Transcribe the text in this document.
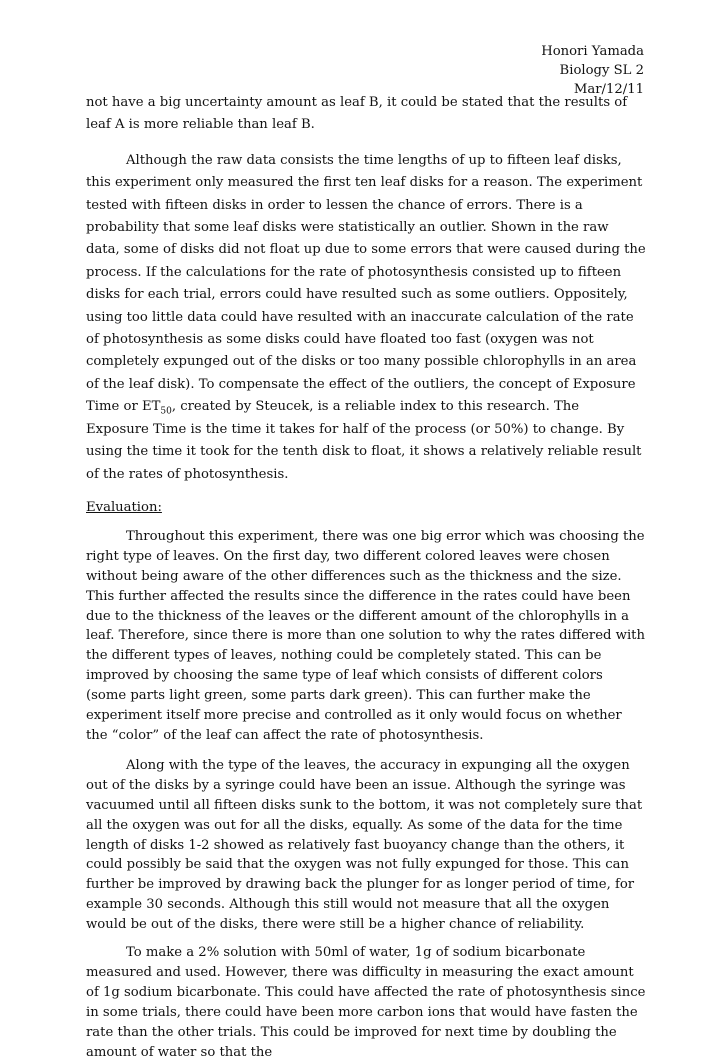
Honori Yamada
Biology SL 2
Mar/12/11

not have a big uncertainty amount as leaf B, it could be stated that the results of leaf A is more reliable than leaf B.

Although the raw data consists the time lengths of up to fifteen leaf disks, this experiment only measured the first ten leaf disks for a reason. The experiment tested with fifteen disks in order to lessen the chance of errors. There is a probability that some leaf disks were statistically an outlier. Shown in the raw data, some of disks did not float up due to some errors that were caused during the process. If the calculations for the rate of photosynthesis consisted up to fifteen disks for each trial, errors could have resulted such as some outliers. Oppositely, using too little data could have resulted with an inaccurate calculation of the rate of photosynthesis as some disks could have floated too fast (oxygen was not completely expunged out of the disks or too many possible chlorophylls in an area of the leaf disk). To compensate the effect of the outliers, the concept of Exposure Time or $ET_{50}$, created by Steucek, is a reliable index to this research. The Exposure Time is the time it takes for half of the process (or 50%) to change. By using the time it took for the tenth disk to float, it shows a relatively reliable result of the rates of photosynthesis.

Evaluation:

Throughout this experiment, there was one big error which was choosing the right type of leaves. On the first day, two different colored leaves were chosen without being aware of the other differences such as the thickness and the size. This further affected the results since the difference in the rates could have been due to the thickness of the leaves or the different amount of the chlorophylls in a leaf. Therefore, since there is more than one solution to why the rates differed with the different types of leaves, nothing could be completely stated. This can be improved by choosing the same type of leaf which consists of different colors (some parts light green, some parts dark green). This can further make the experiment itself more precise and controlled as it only would focus on whether the “color” of the leaf can affect the rate of photosynthesis.

Along with the type of the leaves, the accuracy in expunging all the oxygen out of the disks by a syringe could have been an issue. Although the syringe was vacuumed until all fifteen disks sunk to the bottom, it was not completely sure that all the oxygen was out for all the disks, equally. As some of the data for the time length of disks 1-2 showed as relatively fast buoyancy change than the others, it could possibly be said that the oxygen was not fully expunged for those. This can further be improved by drawing back the plunger for as longer period of time, for example 30 seconds. Although this still would not measure that all the oxygen would be out of the disks, there were still be a higher chance of reliability.

To make a 2% solution with 50ml of water, 1g of sodium bicarbonate measured and used. However, there was difficulty in measuring the exact amount of 1g sodium bicarbonate. This could have affected the rate of photosynthesis since in some trials, there could have been more carbon ions that would have fasten the rate than the other trials. This could be improved for next time by doubling the amount of water so that the
